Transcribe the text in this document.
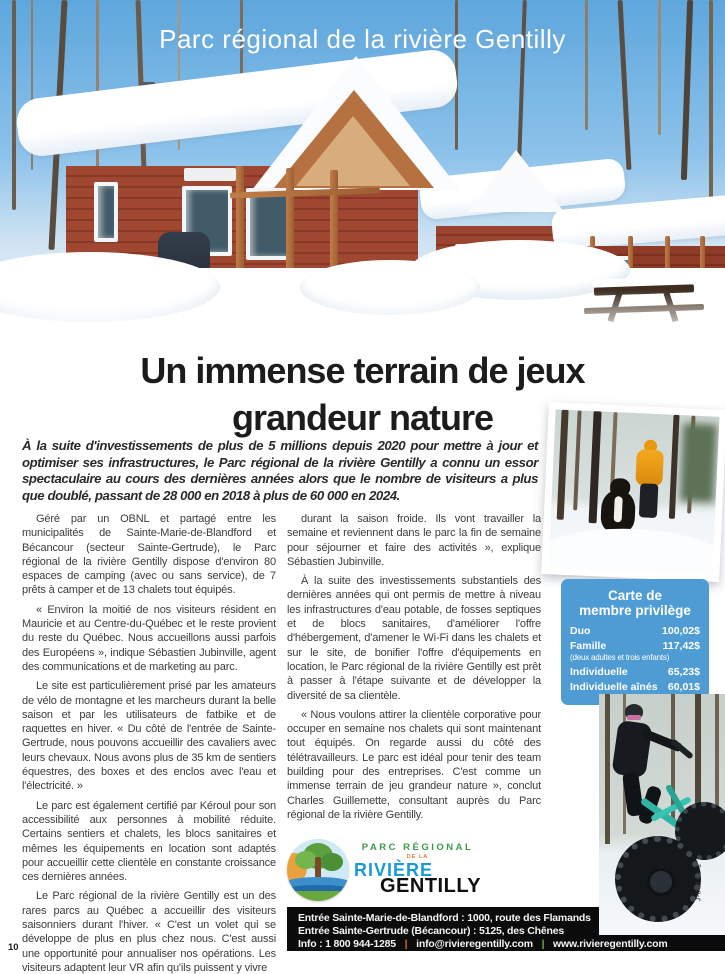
Parc régional de la rivière Gentilly
Un immense terrain de jeux
grandeur nature
À la suite d'investissements de plus de 5 millions depuis 2020 pour mettre à jour et optimiser ses infrastructures, le Parc régional de la rivière Gentilly a connu un essor spectaculaire au cours des dernières années alors que le nombre de visiteurs a plus que doublé, passant de 28 000 en 2018 à plus de 60 000 en 2024.

Géré par un OBNL et partagé entre les municipalités de Sainte-Marie-de-Blandford et Bécancour (secteur Sainte-Gertrude), le Parc régional de la rivière Gentilly dispose d'environ 80 espaces de camping (avec ou sans service), de 7 prêts à camper et de 13 chalets tout équipés.

« Environ la moitié de nos visiteurs résident en Mauricie et au Centre-du-Québec et le reste provient du reste du Québec. Nous accueillons aussi parfois des Européens », indique Sébastien Jubinville, agent des communications et de marketing au parc.

Le site est particulièrement prisé par les amateurs de vélo de montagne et les marcheurs durant la belle saison et par les utilisateurs de fatbike et de raquettes en hiver. « Du côté de l'entrée de Sainte-Gertrude, nous pouvons accueillir des cavaliers avec leurs chevaux. Nous avons plus de 35 km de sentiers équestres, des boxes et des enclos avec l'eau et l'électricité. »

Le parc est également certifié par Kéroul pour son accessibilité aux personnes à mobilité réduite. Certains sentiers et chalets, les blocs sanitaires et mêmes les équipements en location sont adaptés pour accueillir cette clientèle en constante croissance ces dernières années.

Le Parc régional de la rivière Gentilly est un des rares parcs au Québec a accueillir des visiteurs saisonniers durant l'hiver. « C'est un volet qui se développe de plus en plus chez nous. C'est aussi une opportunité pour annualiser nos opérations. Les visiteurs adaptent leur VR afin qu'ils puissent y vivre

durant la saison froide. Ils vont travailler la semaine et reviennent dans le parc la fin de semaine pour séjourner et faire des activités », explique Sébastien Jubinville.

À la suite des investissements substantiels des dernières années qui ont permis de mettre à niveau les infrastructures d'eau potable, de fosses septiques et de blocs sanitaires, d'améliorer l'offre d'hébergement, d'amener le Wi-Fi dans les chalets et sur le site, de bonifier l'offre d'équipements en location, le Parc régional de la rivière Gentilly est prêt à passer à l'étape suivante et de développer la diversité de sa clientèle.

« Nous voulons attirer la clientèle corporative pour occuper en semaine nos chalets qui sont maintenant tout équipés. On regarde aussi du côté des télétravailleurs. Le parc est idéal pour tenir des team building pour des entreprises. C'est comme un immense terrain de jeu grandeur nature », conclut Charles Guillemette, consultant auprès du Parc régional de la rivière Gentilly.

Carte de
membre privilège
Duo	100,02$
Famille	117,42$
(deux adultes et trois enfants)
Individuelle	65,23$
Individuelle aînés 60,01$
PARC RÉGIONAL
DE LA
RIVIÈRE
GENTILLY
Entrée Sainte-Marie-de-Blandford : 1000, route des Flamands
Entrée Sainte-Gertrude (Bécancour) : 5125, des Chênes
Info : 1 800 944-1285 | info@rivieregentilly.com | www.rivieregentilly.com
J-60131-1
10
